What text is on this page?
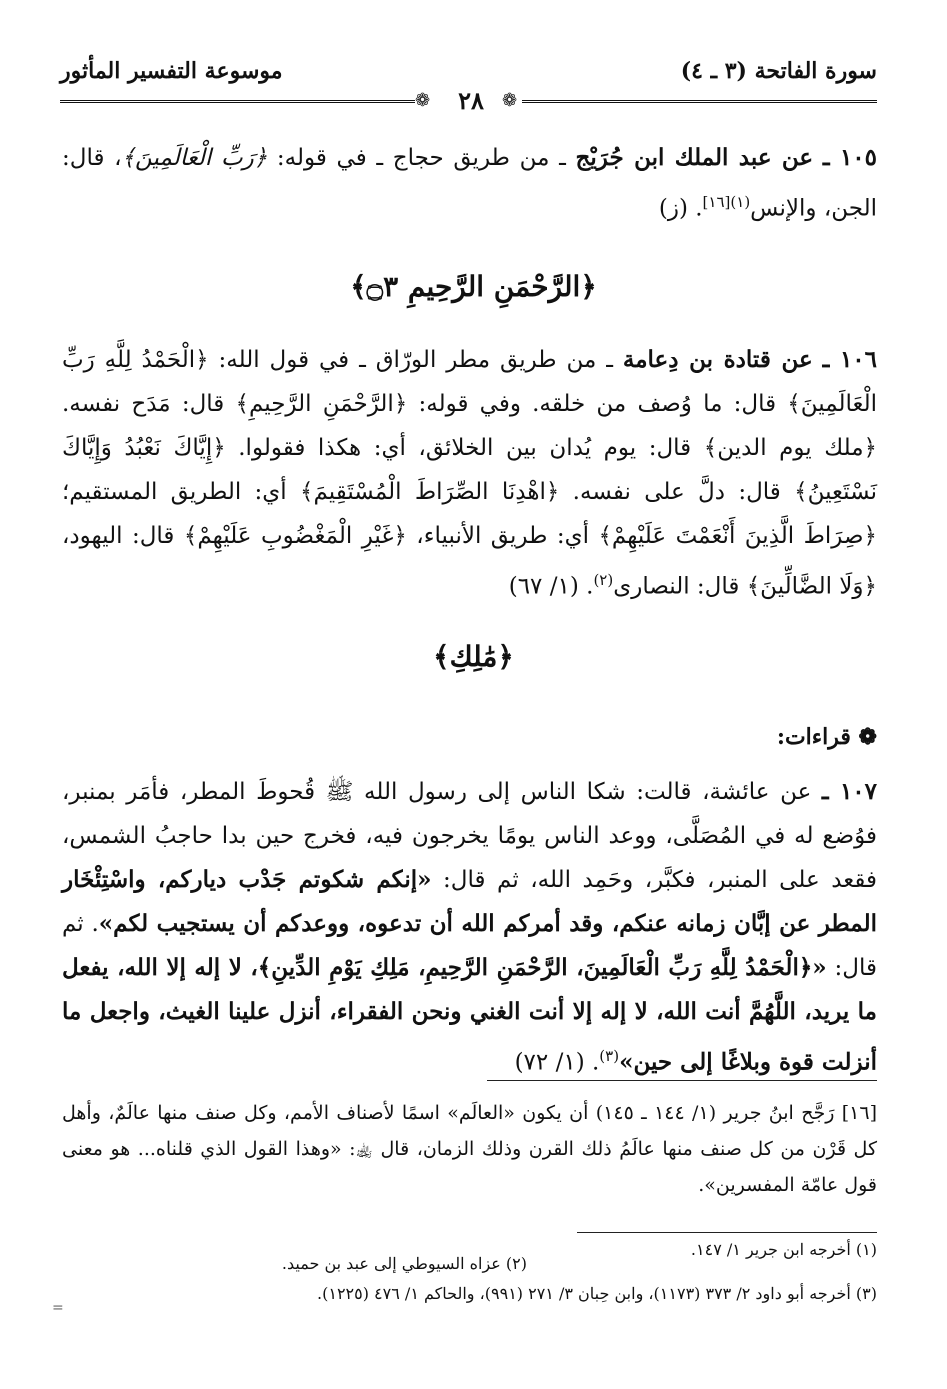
سورة الفاتحة (٣ ـ ٤)
موسوعة التفسير المأثور
❁	٢٨	❁
١٠٥ ـ عن عبد الملك ابن جُرَيْج ـ من طريق حجاج ـ في قوله: ﴿رَبِّ الْعَالَمِينَ﴾، قال: الجن، والإنس$^{(١)[١٦]}$. (ز)
﴿الرَّحْمَنِ الرَّحِيمِ ۝٣﴾
١٠٦ ـ عن قتادة بن دِعامة ـ من طريق مطر الورّاق ـ في قول الله: ﴿الْحَمْدُ لِلَّهِ رَبِّ الْعَالَمِينَ﴾ قال: ما وُصف من خلقه. وفي قوله: ﴿الرَّحْمَنِ الرَّحِيمِ﴾ قال: مَدَح نفسه. ﴿ملك يوم الدين﴾ قال: يوم يُدان بين الخلائق، أي: هكذا فقولوا. ﴿إِيَّاكَ نَعْبُدُ وَإِيَّاكَ نَسْتَعِينُ﴾ قال: دلَّ على نفسه. ﴿اهْدِنَا الصِّرَاطَ الْمُسْتَقِيمَ﴾ أي: الطريق المستقيم؛ ﴿صِرَاطَ الَّذِينَ أَنْعَمْتَ عَلَيْهِمْ﴾ أي: طريق الأنبياء، ﴿غَيْرِ الْمَغْضُوبِ عَلَيْهِمْ﴾ قال: اليهود، ﴿وَلَا الضَّالِّينَ﴾ قال: النصارى$^{(٢)}$. (١/ ٦٧)
﴿مَٰلِكِ﴾
❁ قراءات:
١٠٧ ـ عن عائشة، قالت: شكا الناس إلى رسول الله ﷺ قُحوطَ المطر، فأمَر بمنبر، فوُضع له في المُصَلَّى، ووعد الناس يومًا يخرجون فيه، فخرج حين بدا حاجبُ الشمس، فقعد على المنبر، فكبَّر، وحَمِد الله، ثم قال: «إنكم شكوتم جَدْب دياركم، واسْتِئْخَار المطر عن إبَّان زمانه عنكم، وقد أمركم الله أن تدعوه، ووعدكم أن يستجيب لكم». ثم قال: «﴿الْحَمْدُ لِلَّهِ رَبِّ الْعَالَمِينَ، الرَّحْمَنِ الرَّحِيمِ، مَلِكِ يَوْمِ الدِّينِ﴾، لا إله إلا الله، يفعل ما يريد، اللَّهُمَّ أنت الله، لا إله إلا أنت الغني ونحن الفقراء، أنزل علينا الغيث، واجعل ما أنزلت قوة وبلاغًا إلى حين»$^{(٣)}$. (١/ ٧٢)
[١٦] رَجَّح ابنُ جرير (١/ ١٤٤ ـ ١٤٥) أن يكون «العالَم» اسمًا لأصناف الأمم، وكل صنف منها عالَمٌ، وأهل كل قَرْن من كل صنف منها عالَمُ ذلك القرن وذلك الزمان، قال ﵀: «وهذا القول الذي قلناه... هو معنى قول عامّة المفسرين».
(١) أخرجه ابن جرير ١/ ١٤٧.
(٢) عزاه السيوطي إلى عبد بن حميد.
(٣) أخرجه أبو داود ٢/ ٣٧٣ (١١٧٣)، وابن حِبان ٣/ ٢٧١ (٩٩١)، والحاكم ١/ ٤٧٦ (١٢٢٥).
=
